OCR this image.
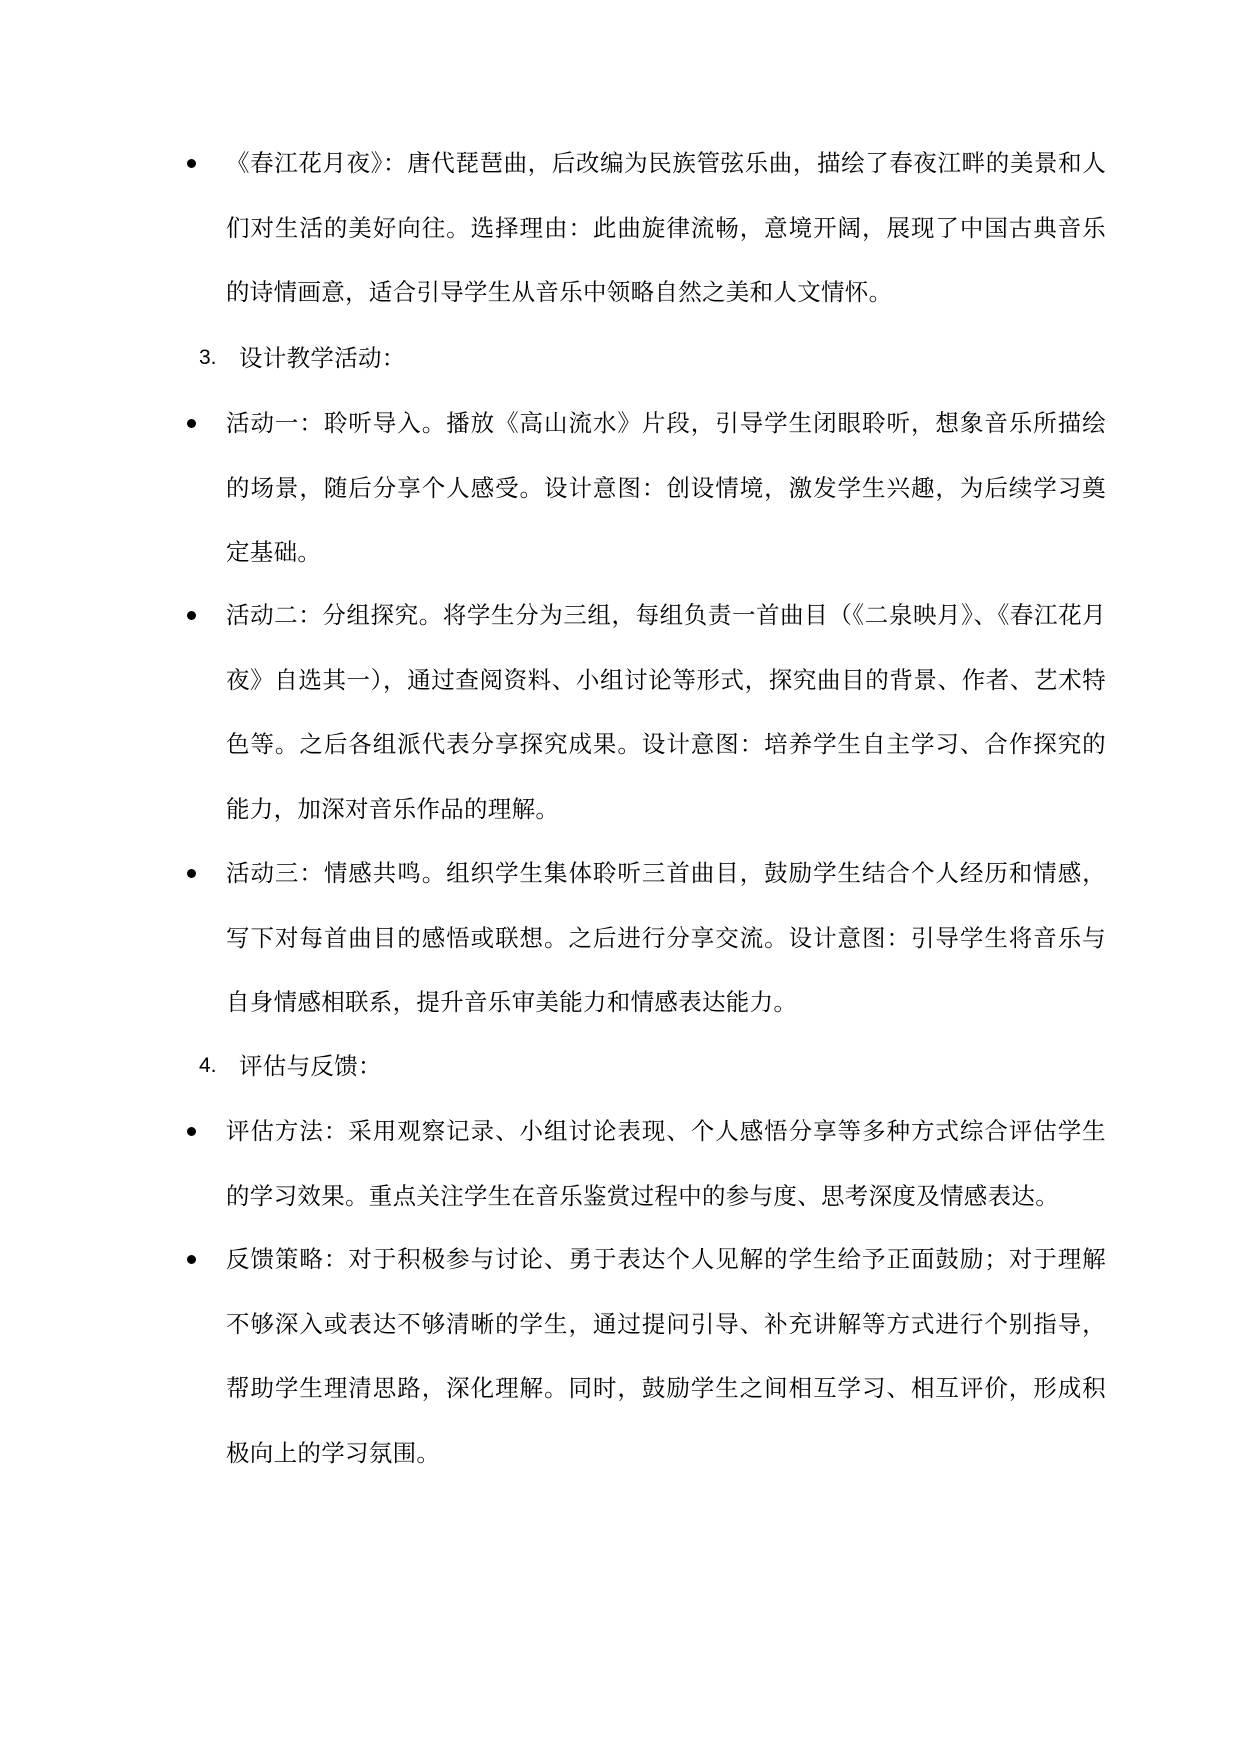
《春江花月夜》：唐代琵琶曲，后改编为民族管弦乐曲，描绘了春夜江畔的美景和人们对生活的美好向往。选择理由：此曲旋律流畅，意境开阔，展现了中国古典音乐的诗情画意，适合引导学生从音乐中领略自然之美和人文情怀。
3. 设计教学活动：
活动一：聆听导入。播放《高山流水》片段，引导学生闭眼聆听，想象音乐所描绘的场景，随后分享个人感受。设计意图：创设情境，激发学生兴趣，为后续学习奠定基础。
活动二：分组探究。将学生分为三组，每组负责一首曲目（《二泉映月》、《春江花月夜》自选其一），通过查阅资料、小组讨论等形式，探究曲目的背景、作者、艺术特色等。之后各组派代表分享探究成果。设计意图：培养学生自主学习、合作探究的能力，加深对音乐作品的理解。
活动三：情感共鸣。组织学生集体聆听三首曲目，鼓励学生结合个人经历和情感，写下对每首曲目的感悟或联想。之后进行分享交流。设计意图：引导学生将音乐与自身情感相联系，提升音乐审美能力和情感表达能力。
4. 评估与反馈：
评估方法：采用观察记录、小组讨论表现、个人感悟分享等多种方式综合评估学生的学习效果。重点关注学生在音乐鉴赏过程中的参与度、思考深度及情感表达。
反馈策略：对于积极参与讨论、勇于表达个人见解的学生给予正面鼓励；对于理解不够深入或表达不够清晰的学生，通过提问引导、补充讲解等方式进行个别指导，帮助学生理清思路，深化理解。同时，鼓励学生之间相互学习、相互评价，形成积极向上的学习氛围。
